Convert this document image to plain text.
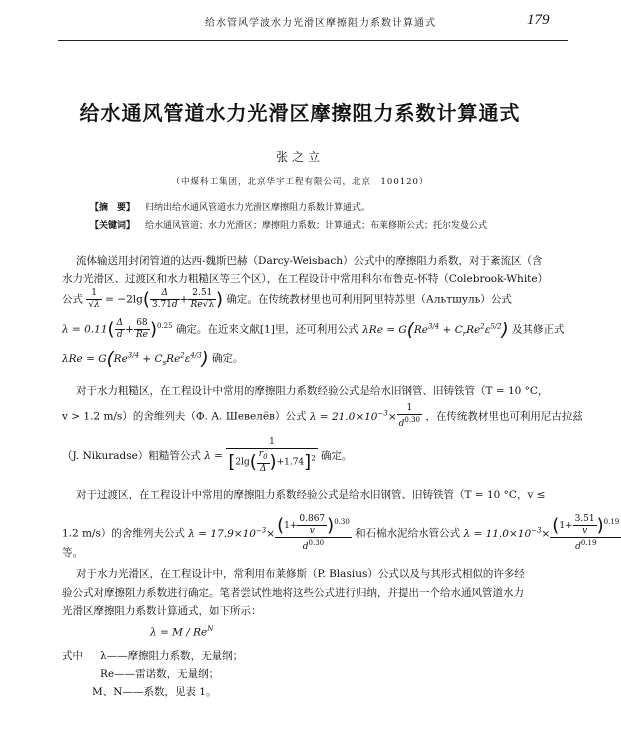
给水管风学波水力光滑区摩擦阻力系数计算通式	179
给水通风管道水力光滑区摩擦阻力系数计算通式
张之立
（中煤科工集团，北京华宇工程有限公司，北京　100120）
【摘　要】 归纳出给水通风管道水力光滑区摩擦阻力系数计算通式。
【关键词】 给水通风管道；水力光滑区；摩擦阻力系数；计算通式；布莱修斯公式；托尔发曼公式
流体输送用封闭管道的达西-魏斯巴赫（Darcy-Weisbach）公式中的摩擦阻力系数，对于紊流区（含
水力光滑区、过渡区和水力粗糙区等三个区），在工程设计中常用科尔布鲁克-怀特（Colebrook-White）
公式 $\frac{1}{√\lambda} = -2\lg( \frac{\Delta}{3.71d} + \frac{2.51}{Re√\lambda}$ ) 确定。在传统教材里也可利用阿里特苏里（Альтшуль）公式
$\lambda = 0.11( \frac{\Delta}{d} + \frac{68}{Re} )^{0.25}$ 确定。在近来文献[1]里，还可利用公式 $\lambda Re = G(Re^{3/4} + C_rRe^2\varepsilon^{5/2})$ 及其修正式
$\lambda Re = G(Re^{3/4} + C_sRe^2\varepsilon^{4/3})$ 确定。
对于水力粗糙区，在工程设计中常用的摩擦阻力系数经验公式是给水旧钢管、旧铸铁管（T = 10 °C，
v > 1.2 m/s）的舍维列夫（Ф. А. Шевелёв）公式 $\lambda = 21.0\times 10^{-3}\times \frac{1}{d^{0.30}}$ ，在传统教材里也可利用尼古拉兹
（J. Nikuradse）粗糙管公式 $\lambda = \frac{1}{[2\lg( \frac{r_0}{\Delta} )+1.74]^2}$ 确定。
对于过渡区，在工程设计中常用的摩擦阻力系数经验公式是给水旧钢管、旧铸铁管（T = 10 °C，v ≤
1.2 m/s）的舍维列夫公式 $\lambda = 17.9\times 10^{-3}\times \frac{(1+ \frac{0.867}{v} )^{0.30}}{d^{0.30}}$ 和石棉水泥给水管公式 $\lambda = 11.0\times 10^{-3}\times \frac{(1+ \frac{3.51}{v} )^{0.19}}{d^{0.19}}$
等。
对于水力光滑区，在工程设计中，常利用布莱修斯（P. Blasius）公式以及与其形式相似的许多经
验公式对摩擦阻力系数进行确定。笔者尝试性地将这些公式进行归纳，并提出一个给水通风管道水力
光滑区摩擦阻力系数计算通式，如下所示：
$\lambda = M / Re^N$
式中 λ——摩擦阻力系数，无量纲；
Re——雷诺数，无量纲；
M、N——系数，见表 1。
